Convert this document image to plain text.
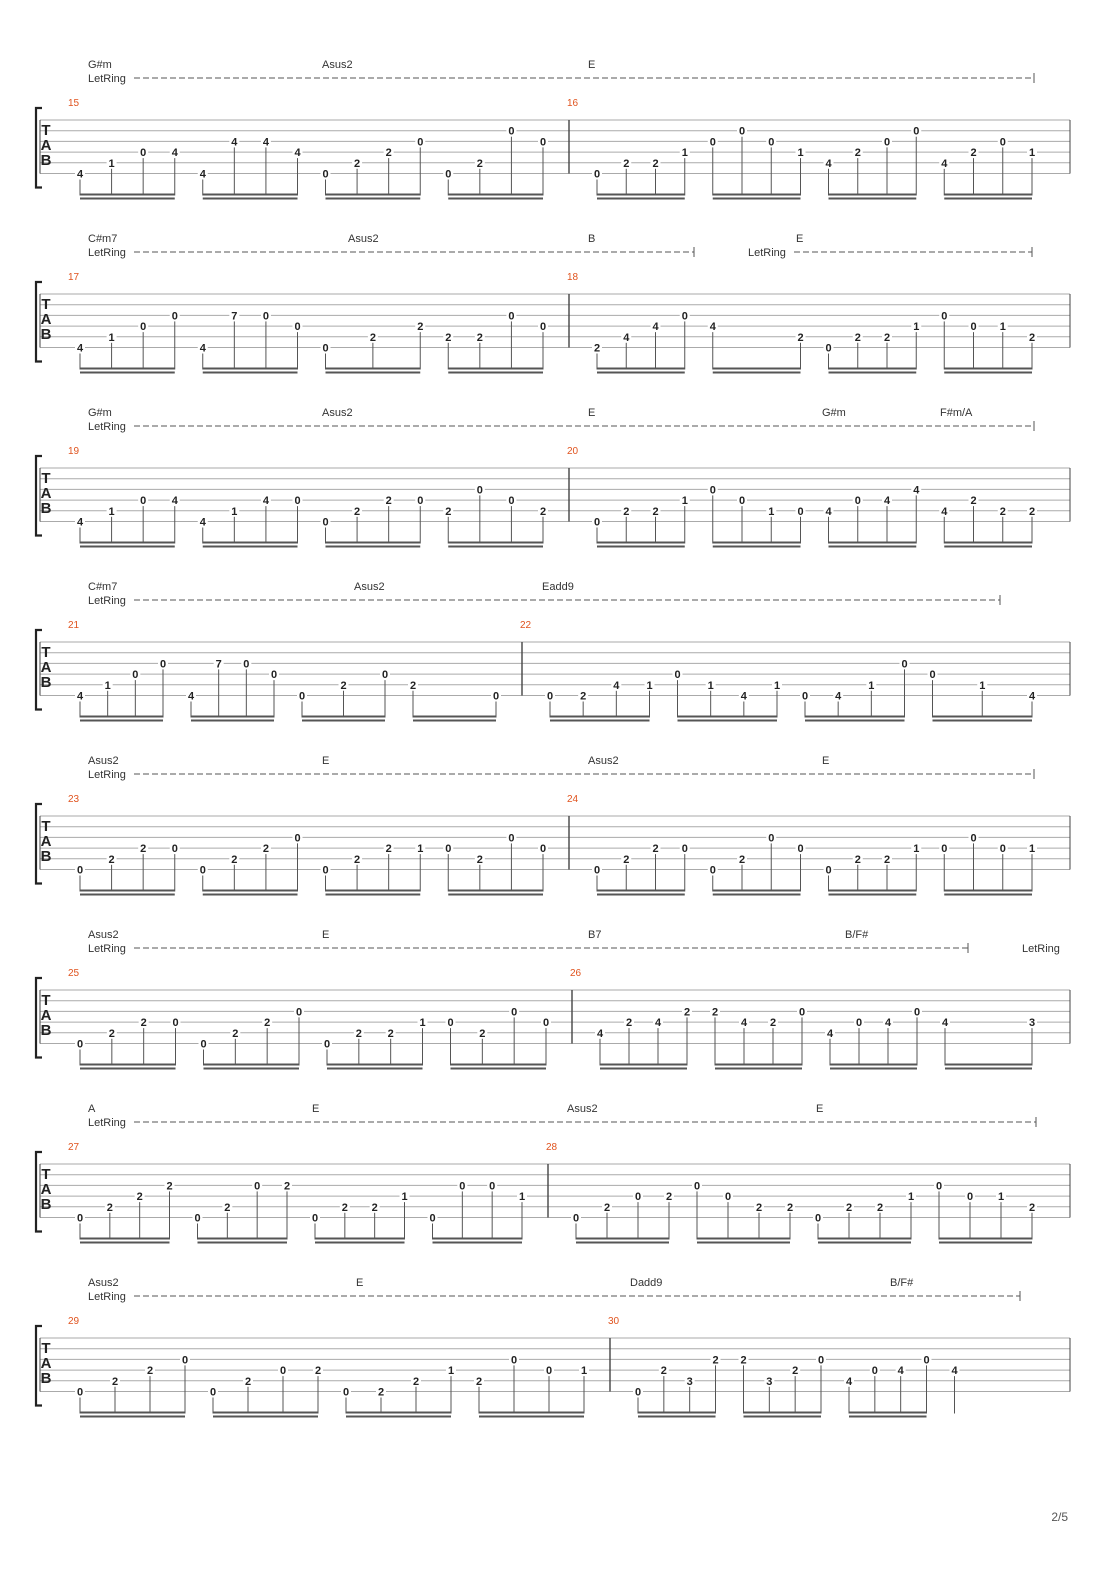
G#m	Asus2	E
LetRing
T
A
B
15
4
1
0 4
4
4 4
4
0
2
2
0
0
2
0
0
16
0
2 2
1
0
0
0
1
4
2
0
0
4
2
0
1
C#m7	Asus2	B	E
LetRing	LetRing
T
A
B
17
4
1
0
0
4
7 0
0
0
2
2
2 2
0
0
18
2
4
4
0
4
2
0
2 2
1
0
0 1
2
G#m	Asus2	E	G#m	F#m/A
LetRing
T
A
B
19
4
1
0 4
4
1
4 0
0
2
2 0
2
0
0
2
20
0
2 2
1
0
0
1 0 4
0 4
4
4
2
2 2
C#m7	Asus2	Eadd9
LetRing
T
A
B
21
4
1
0
0
4
7 0
0
0
2
0
2
0
22
0 2
4 1
0
1
4
1
0 4
1
0
0
1
4
Asus2	E	Asus2	E
LetRing
T
A
B
23
0
2
2 0
0
2
2
0
0
2
2 1 0
2
0
0
24
0
2
2 0
0
2
0
0
0
2 2
1 0
0
0 1
Asus2	E	B7	B/F#
LetRing	LetRing
T
A
B
25
0
2
2 0
0
2
2
0
0
2 2
1 0
2
0
0
26
4
2 4
2 2
4 2
0
4
0 4
0
4	3
A	E	Asus2	E
LetRing
T
A
B
27
0
2
2
2
0
2
0 2
0
2 2
1
0
0 0
1
28
0
2
0 2
0
0
2 2
0
2 2
1
0
0 1
2
Asus2	E	Dadd9	B/F#
LetRing
T
A
B
29
0
2
2
0
0
2
0	2
0	2
2
1
2
0
0	1
30
0
2
3
2 2
3
2
0
4
0 4
0
4
2/5
